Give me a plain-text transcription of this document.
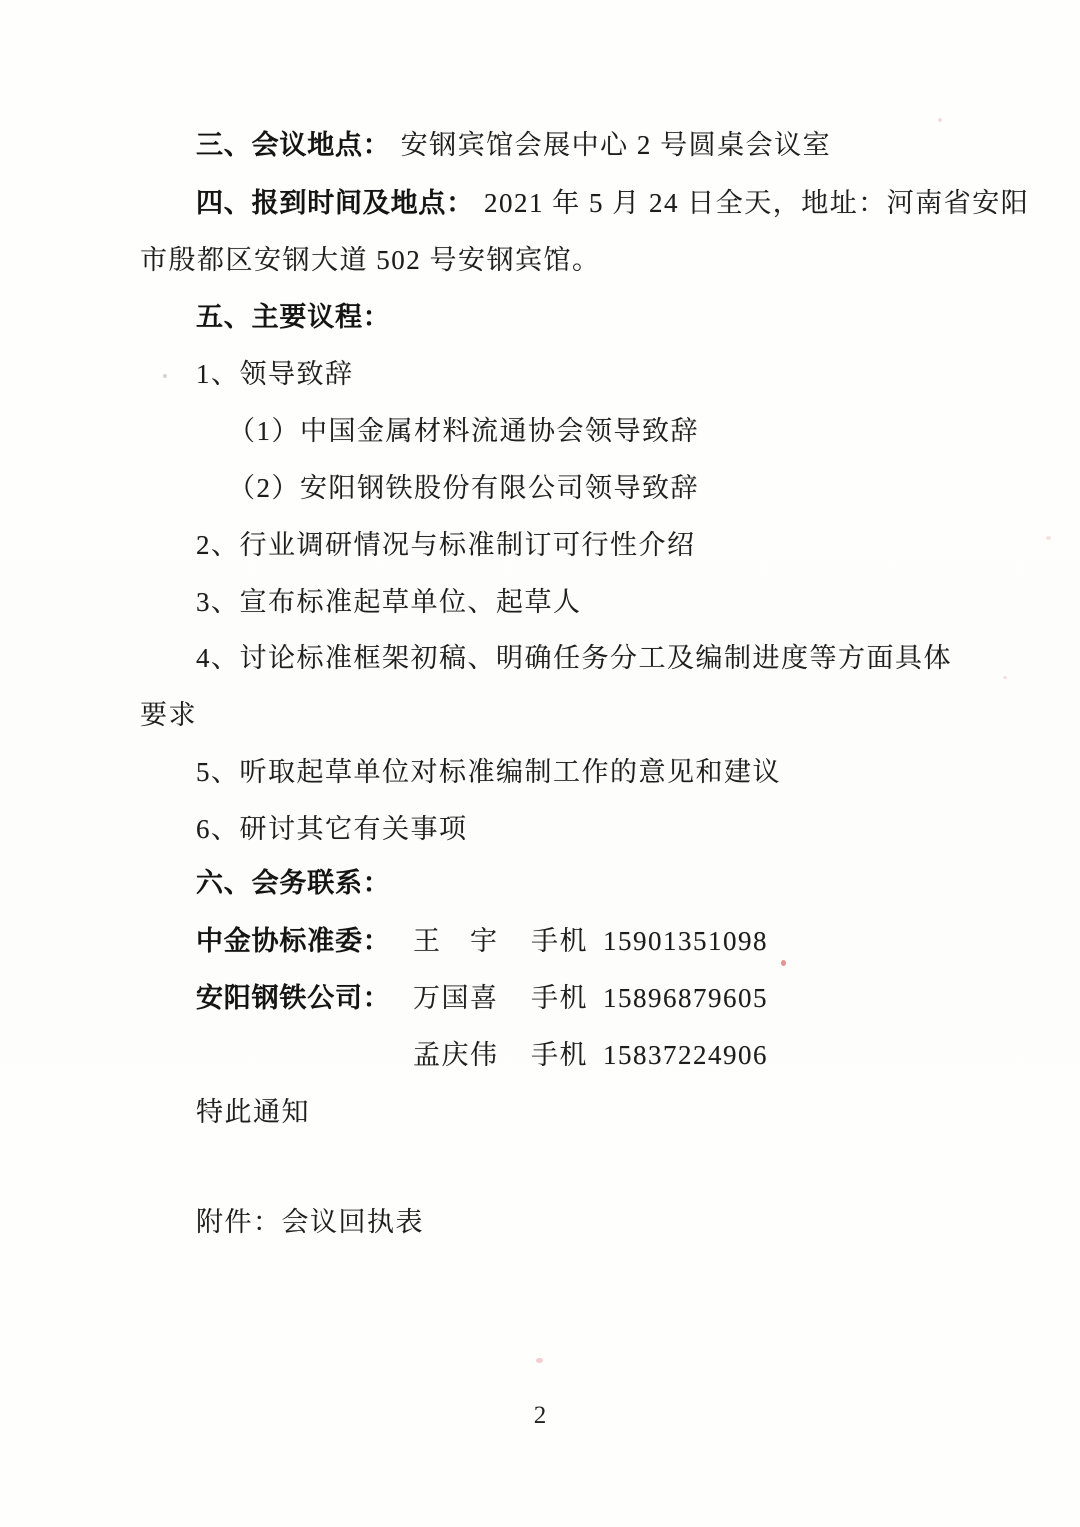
三、会议地点： 安钢宾馆会展中心 2 号圆桌会议室
四、报到时间及地点： 2021 年 5 月 24 日全天，地址：河南省安阳
市殷都区安钢大道 502 号安钢宾馆。
五、主要议程：
1、领导致辞
（1）中国金属材料流通协会领导致辞
（2）安阳钢铁股份有限公司领导致辞
2、行业调研情况与标准制订可行性介绍
3、宣布标准起草单位、起草人
4、讨论标准框架初稿、明确任务分工及编制进度等方面具体
要求
5、听取起草单位对标准编制工作的意见和建议
6、研讨其它有关事项
六、会务联系：
中金协标准委： 王　宇 手机 15901351098
安阳钢铁公司： 万国喜 手机 15896879605
孟庆伟 手机 15837224906
特此通知
附件：会议回执表
2
